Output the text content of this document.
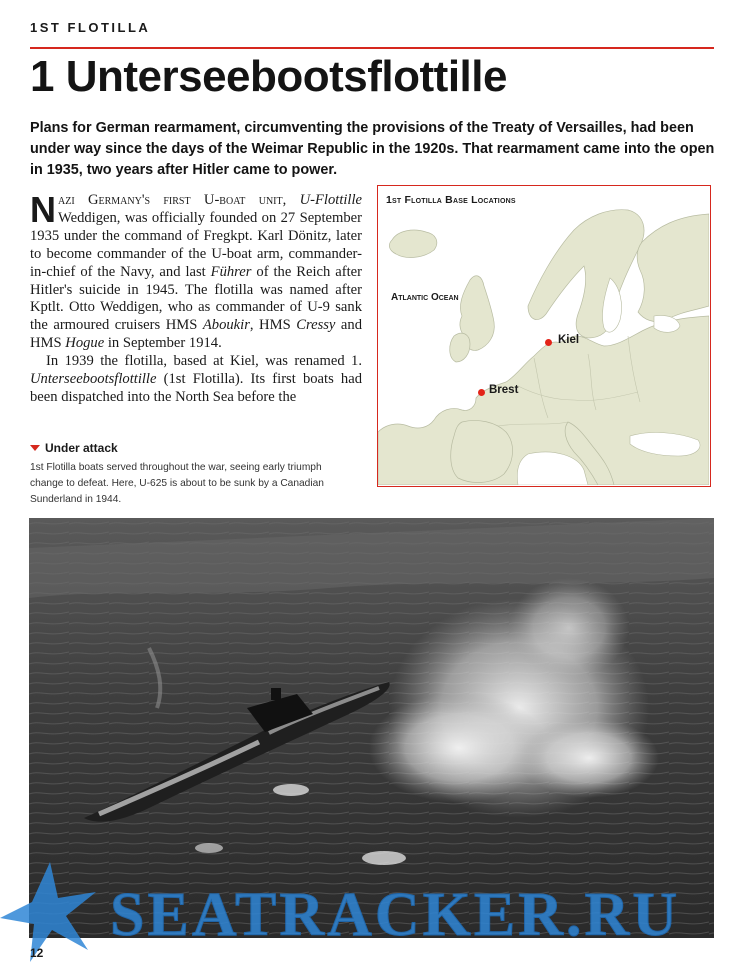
1ST FLOTILLA
1 Unterseebootsflottille

Plans for German rearmament, circumventing the provisions of the Treaty of Versailles, had been under way since the days of the Weimar Republic in the 1920s. That rearmament came into the open in 1935, two years after Hitler came to power.

Nazi Germany's first U-boat unit, U-Flottille Weddigen, was officially founded on 27 September 1935 under the command of Fregkpt. Karl Dönitz, later to become commander of the U-boat arm, commander-in-chief of the Navy, and last Führer of the Reich after Hitler's suicide in 1945. The flotilla was named after Kptlt. Otto Weddigen, who as commander of U-9 sank the armoured cruisers HMS Aboukir, HMS Cressy and HMS Hogue in September 1914.

In 1939 the flotilla, based at Kiel, was renamed 1. Unterseebootsflottille (1st Flotilla). Its first boats had been dispatched into the North Sea before the

Under attack
1st Flotilla boats served throughout the war, seeing early triumph change to defeat. Here, U-625 is about to be sunk by a Canadian Sunderland in 1944.
1st Flotilla Base Locations
Atlantic Ocean
Kiel
Brest
SEATRACKER.RU
12
